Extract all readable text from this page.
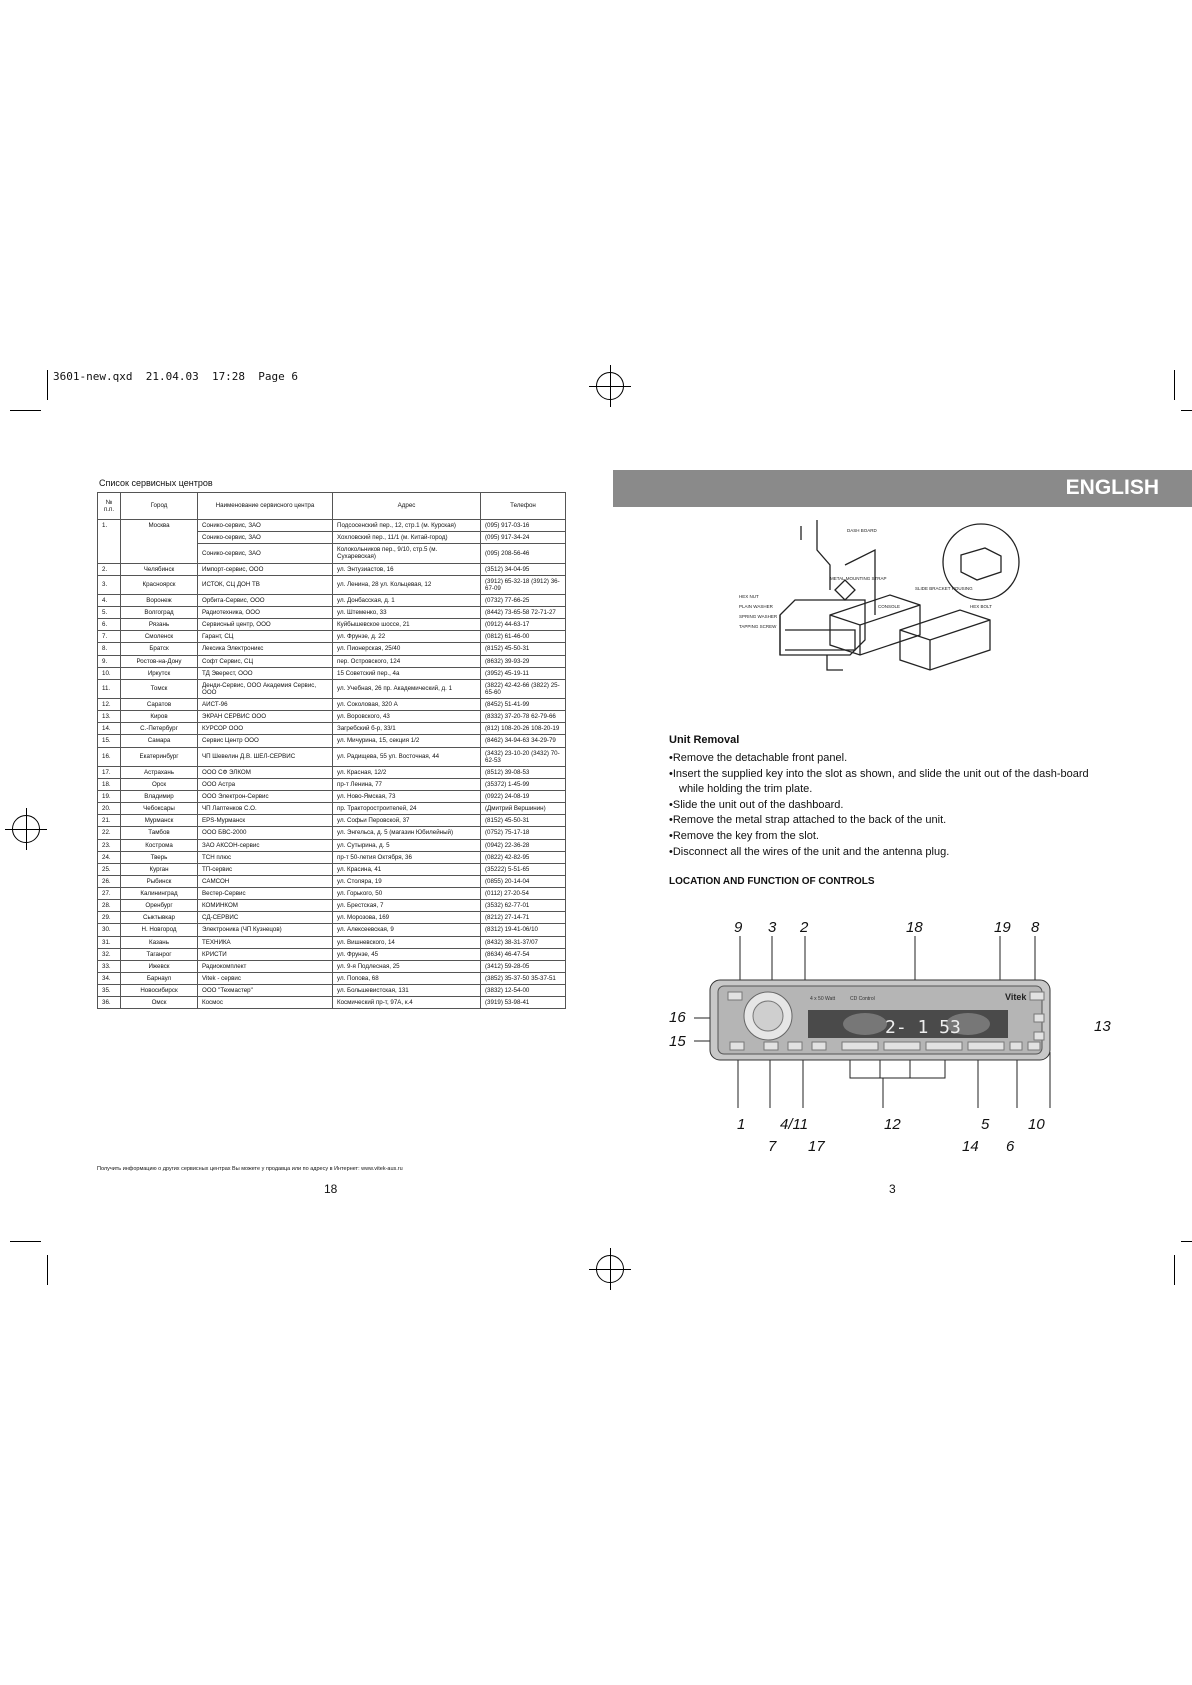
3601-new.qxd  21.04.03  17:28  Page 6
Список сервисных центров
№ п.п.	Город	Наименование сервисного центра	Адрес	Телефон
1.	Москва	Сонико-сервис, ЗАО	Подсосенский пер., 12, стр.1 (м. Курская)	(095) 917-03-16
		Сонико-сервис, ЗАО	Хохловский пер., 11/1 (м. Китай-город)	(095) 917-34-24
		Сонико-сервис, ЗАО	Колокольников пер., 9/10, стр.5 (м. Сухаревская)	(095) 208-56-46
2.	Челябинск	Импорт-сервис, ООО	ул. Энтузиастов, 16	(3512) 34-04-95
3.	Красноярск	ИСТОК, СЦ ДОН ТВ	ул. Ленина, 28 ул. Кольцевая, 12	(3912) 65-32-18 (3912) 36-67-09
4.	Воронеж	Орбита-Сервис, ООО	ул. Донбасская, д. 1	(0732) 77-66-25
5.	Волгоград	Радиотехника, ООО	ул. Штеменко, 33	(8442) 73-65-58 72-71-27
6.	Рязань	Сервисный центр, ООО	Куйбышевское шоссе, 21	(0912) 44-63-17
7.	Смоленск	Гарант, СЦ	ул. Фрунзе, д. 22	(0812) 61-46-00
8.	Братск	Лексика Электроникс	ул. Пионерская, 25/40	(8152) 45-50-31
9.	Ростов-на-Дону	Софт Сервис, СЦ	пер. Островского, 124	(8632) 39-93-29
10.	Иркутск	ТД Эверест, ООО	15 Советский пер., 4а	(3952) 45-19-11
11.	Томск	Денди-Сервис, ООО Академия Сервис, ООО	ул. Учебная, 26 пр. Академический, д. 1	(3822) 42-42-66 (3822) 25-65-60
12.	Саратов	АИСТ-96	ул. Соколовая, 320 А	(8452) 51-41-99
13.	Киров	ЭКРАН СЕРВИС ООО	ул. Воровского, 43	(8332) 37-20-78 62-79-66
14.	С.-Петербург	КУРСОР ООО	Загребский б-р, 33/1	(812) 108-20-26 108-20-19
15.	Самара	Сервис Центр ООО	ул. Мичурина, 15, секция 1/2	(8462) 34-94-63 34-29-79
16.	Екатеринбург	ЧП Шевелин Д.В. ШЕЛ-СЕРВИС	ул. Радищева, 55 ул. Восточная, 44	(3432) 23-10-20 (3432) 70-62-53
17.	Астрахань	ООО СФ ЭЛКОМ	ул. Красная, 12/2	(8512) 39-08-53
18.	Орск	ООО Астра	пр-т Ленина, 77	(35372) 1-45-99
19.	Владимир	ООО Электрон-Сервис	ул. Ново-Ямская, 73	(0922) 24-08-19
20.	Чебоксары	ЧП Лаптенков С.О.	пр. Тракторостроителей, 24	(Дмитрий Вершинин)
21.	Мурманск	EPS-Мурманск	ул. Софьи Перовской, 37	(8152) 45-50-31
22.	Тамбов	ООО БВС-2000	ул. Энгельса, д. 5 (магазин Юбилейный)	(0752) 75-17-18
23.	Кострома	ЗАО АКСОН-сервис	ул. Сутырина, д. 5	(0942) 22-36-28
24.	Тверь	ТСН плюс	пр-т 50-летия Октября, 36	(0822) 42-82-95
25.	Курган	ТП-сервис	ул. Красина, 41	(35222) 5-51-65
26.	Рыбинск	САМСОН	ул. Столяра, 19	(0855) 20-14-04
27.	Калининград	Вестер-Сервис	ул. Горького, 50	(0112) 27-20-54
28.	Оренбург	КОМИНКОМ	ул. Брестская, 7	(3532) 62-77-01
29.	Сыктывкар	СД-СЕРВИС	ул. Морозова, 169	(8212) 27-14-71
30.	Н. Новгород	Электроника (ЧП Кузнецов)	ул. Алексеевская, 9	(8312) 19-41-06/10
31.	Казань	ТЕХНИКА	ул. Вишневского, 14	(8432) 38-31-37/07
32.	Таганрог	КРИСТИ	ул. Фрунзе, 45	(8634) 46-47-54
33.	Ижевск	Радиокомплект	ул. 9-я Подлесная, 25	(3412) 59-28-05
34.	Барнаул	Vitek - сервис	ул. Попова, 68	(3852) 35-37-50 35-37-51
35.	Новосибирск	ООО "Техмастер"	ул. Большевистская, 131	(3832) 12-54-00
36.	Омск	Космос	Космический пр-т, 97А, к.4	(3919) 53-98-41
Получить информацию о других сервисных центрах Вы можете у продавца или по адресу в Интернет: www.vitek-aus.ru
18
ENGLISH
DASH BOARD
METAL MOUNTING STRAP
CONSOLE
HEX NUT
PLAIN WASHER
SPRING WASHER
TAPPING SCREW
SLIDE BRACKET HOUSING
HEX BOLT
Unit Removal
• Remove the detachable front panel.
• Insert the supplied key into the slot as shown, and slide the unit out of the dash-board while holding the trim plate.
• Slide the unit out of the dashboard.
• Remove the metal strap attached to the back of the unit.
• Remove the key from the slot.
• Disconnect all the wires of the unit and the antenna plug.
LOCATION AND FUNCTION OF CONTROLS
2- 1 53
Vitek
4 x 50 Watt	CD Control
9 3 2	18	19 8
16
15
13
1 4/11	12	5	10
7 17	14 6
3
